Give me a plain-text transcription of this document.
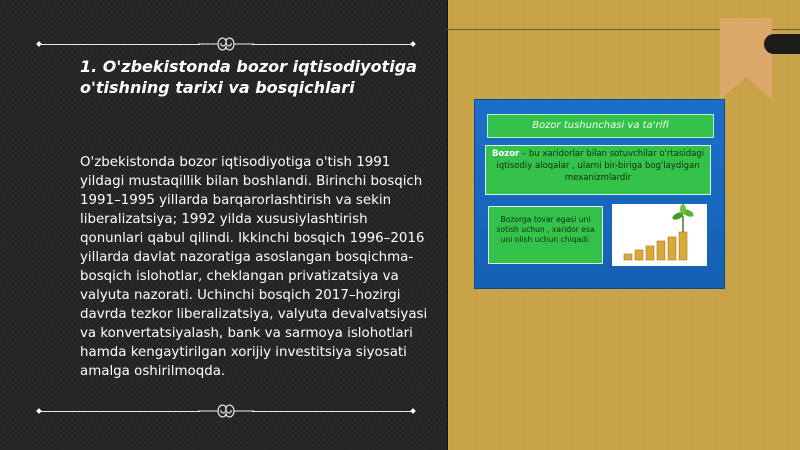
1. O'zbekistonda bozor iqtisodiyotiga o'tishning tarixi va bosqichlari

O'zbekistonda bozor iqtisodiyotiga o'tish 1991 yildagi mustaqillik bilan boshlandi. Birinchi bosqich 1991–1995 yillarda barqarorlashtirish va sekin liberalizatsiya; 1992 yilda xususiylashtirish qonunlari qabul qilindi. Ikkinchi bosqich 1996–2016 yillarda davlat nazoratiga asoslangan bosqichma-bosqich islohotlar, cheklangan privatizatsiya va valyuta nazorati. Uchinchi bosqich 2017–hozirgi davrda tezkor liberalizatsiya, valyuta devalvatsiyasi va konvertatsiyalash, bank va sarmoya islohotlari hamda kengaytirilgan xorijiy investitsiya siyosati amalga oshirilmoqda.

Bozor tushunchasi va ta'rifi
Bozor – bu xaridorlar bilan sotuvchilar o'rtasidagi iqtisodiy aloqalar , ularni bir-biriga bog'laydigan mexanizmlardir
Bozorga tovar egasi uni sotish uchun , xaridor esa uni olish uchun chiqadi.
